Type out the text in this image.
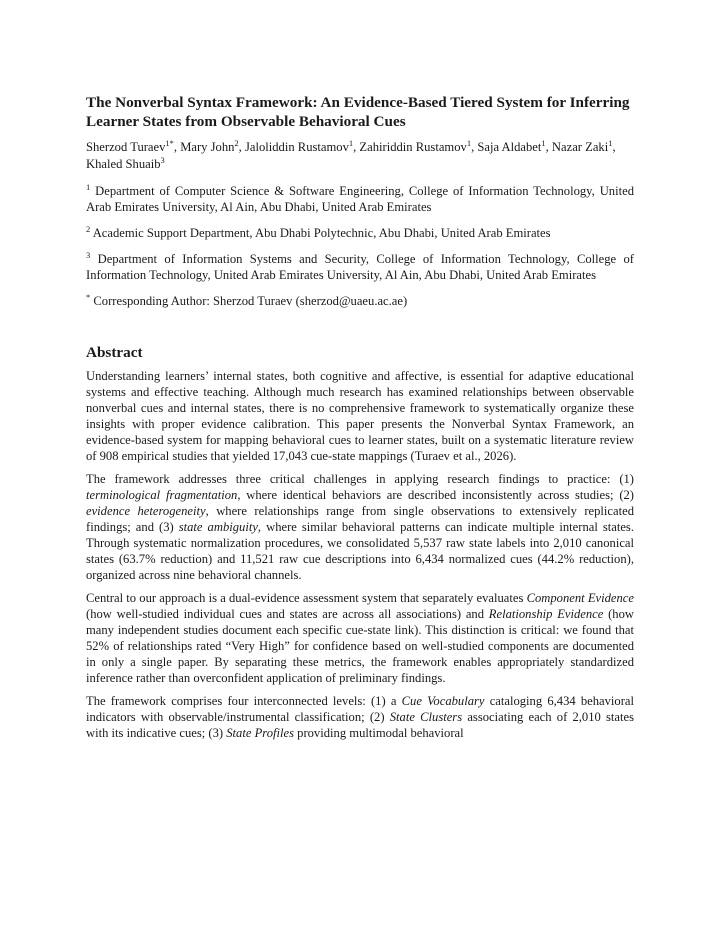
The Nonverbal Syntax Framework: An Evidence-Based Tiered System for Inferring Learner States from Observable Behavioral Cues

Sherzod Turaev$^{1*}$, Mary John$^2$, Jaloliddin Rustamov$^1$, Zahiriddin Rustamov$^1$, Saja Aldabet$^1$, Nazar Zaki$^1$, Khaled Shuaib$^3$

$^1$ Department of Computer Science & Software Engineering, College of Information Technology, United Arab Emirates University, Al Ain, Abu Dhabi, United Arab Emirates

$^2$ Academic Support Department, Abu Dhabi Polytechnic, Abu Dhabi, United Arab Emirates

$^3$ Department of Information Systems and Security, College of Information Technology, College of Information Technology, United Arab Emirates University, Al Ain, Abu Dhabi, United Arab Emirates

* Corresponding Author: Sherzod Turaev (sherzod@uaeu.ac.ae)

Abstract

Understanding learners’ internal states, both cognitive and affective, is essential for adaptive educational systems and effective teaching. Although much research has examined relationships between observable nonverbal cues and internal states, there is no comprehensive framework to systematically organize these insights with proper evidence calibration. This paper presents the Nonverbal Syntax Framework, an evidence-based system for mapping behavioral cues to learner states, built on a systematic literature review of 908 empirical studies that yielded 17,043 cue-state mappings (Turaev et al., 2026).

The framework addresses three critical challenges in applying research findings to practice: (1) terminological fragmentation, where identical behaviors are described inconsistently across studies; (2) evidence heterogeneity, where relationships range from single observations to extensively replicated findings; and (3) state ambiguity, where similar behavioral patterns can indicate multiple internal states. Through systematic normalization procedures, we consolidated 5,537 raw state labels into 2,010 canonical states (63.7% reduction) and 11,521 raw cue descriptions into 6,434 normalized cues (44.2% reduction), organized across nine behavioral channels.

Central to our approach is a dual-evidence assessment system that separately evaluates Component Evidence (how well-studied individual cues and states are across all associations) and Relationship Evidence (how many independent studies document each specific cue-state link). This distinction is critical: we found that 52% of relationships rated “Very High” for confidence based on well-studied components are documented in only a single paper. By separating these metrics, the framework enables appropriately standardized inference rather than overconfident application of preliminary findings.

The framework comprises four interconnected levels: (1) a Cue Vocabulary cataloging 6,434 behavioral indicators with observable/instrumental classification; (2) State Clusters associating each of 2,010 states with its indicative cues; (3) State Profiles providing multimodal behavioral
